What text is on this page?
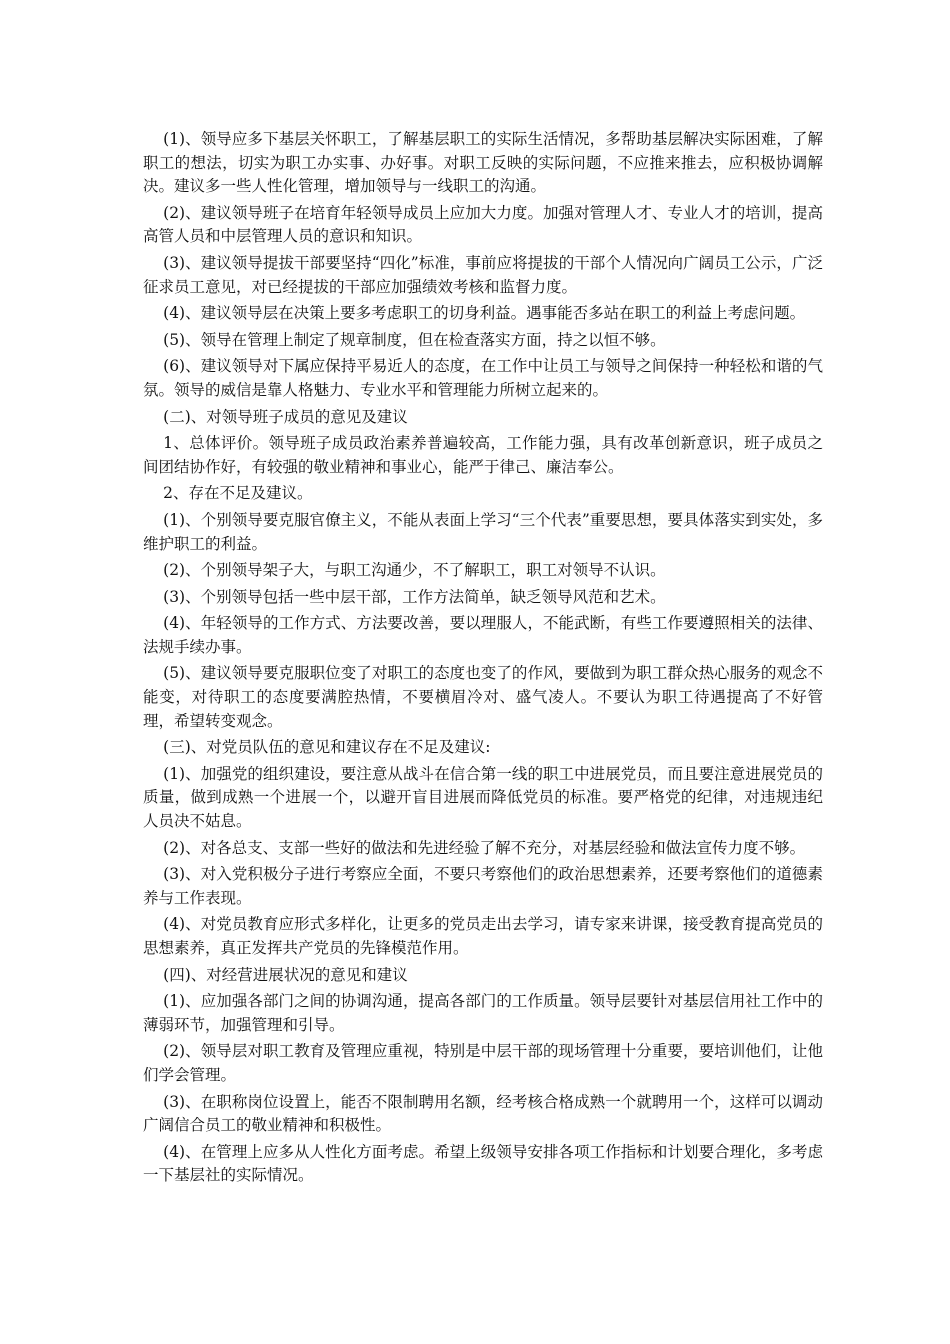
(1)、领导应多下基层关怀职工，了解基层职工的实际生活情况，多帮助基层解决实际困难，了解职工的想法，切实为职工办实事、办好事。对职工反映的实际问题，不应推来推去，应积极协调解决。建议多一些人性化管理，增加领导与一线职工的沟通。

(2)、建议领导班子在培育年轻领导成员上应加大力度。加强对管理人才、专业人才的培训，提高高管人员和中层管理人员的意识和知识。

(3)、建议领导提拔干部要坚持“四化”标准，事前应将提拔的干部个人情况向广阔员工公示，广泛征求员工意见，对已经提拔的干部应加强绩效考核和监督力度。

(4)、建议领导层在决策上要多考虑职工的切身利益。遇事能否多站在职工的利益上考虑问题。

(5)、领导在管理上制定了规章制度，但在检查落实方面，持之以恒不够。

(6)、建议领导对下属应保持平易近人的态度，在工作中让员工与领导之间保持一种轻松和谐的气氛。领导的威信是靠人格魅力、专业水平和管理能力所树立起来的。

(二)、对领导班子成员的意见及建议

1、总体评价。领导班子成员政治素养普遍较高，工作能力强，具有改革创新意识，班子成员之间团结协作好，有较强的敬业精神和事业心，能严于律己、廉洁奉公。

2、存在不足及建议。

(1)、个别领导要克服官僚主义，不能从表面上学习“三个代表”重要思想，要具体落实到实处，多维护职工的利益。

(2)、个别领导架子大，与职工沟通少，不了解职工，职工对领导不认识。

(3)、个别领导包括一些中层干部，工作方法简单，缺乏领导风范和艺术。

(4)、年轻领导的工作方式、方法要改善，要以理服人，不能武断，有些工作要遵照相关的法律、法规手续办事。

(5)、建议领导要克服职位变了对职工的态度也变了的作风，要做到为职工群众热心服务的观念不能变，对待职工的态度要满腔热情，不要横眉冷对、盛气凌人。不要认为职工待遇提高了不好管理，希望转变观念。

(三)、对党员队伍的意见和建议存在不足及建议:

(1)、加强党的组织建设，要注意从战斗在信合第一线的职工中进展党员，而且要注意进展党员的质量，做到成熟一个进展一个，以避开盲目进展而降低党员的标准。要严格党的纪律，对违规违纪人员决不姑息。

(2)、对各总支、支部一些好的做法和先进经验了解不充分，对基层经验和做法宣传力度不够。

(3)、对入党积极分子进行考察应全面，不要只考察他们的政治思想素养，还要考察他们的道德素养与工作表现。

(4)、对党员教育应形式多样化，让更多的党员走出去学习，请专家来讲课，接受教育提高党员的思想素养，真正发挥共产党员的先锋模范作用。

(四)、对经营进展状况的意见和建议

(1)、应加强各部门之间的协调沟通，提高各部门的工作质量。领导层要针对基层信用社工作中的薄弱环节，加强管理和引导。

(2)、领导层对职工教育及管理应重视，特别是中层干部的现场管理十分重要，要培训他们，让他们学会管理。

(3)、在职称岗位设置上，能否不限制聘用名额，经考核合格成熟一个就聘用一个，这样可以调动广阔信合员工的敬业精神和积极性。

(4)、在管理上应多从人性化方面考虑。希望上级领导安排各项工作指标和计划要合理化，多考虑一下基层社的实际情况。
